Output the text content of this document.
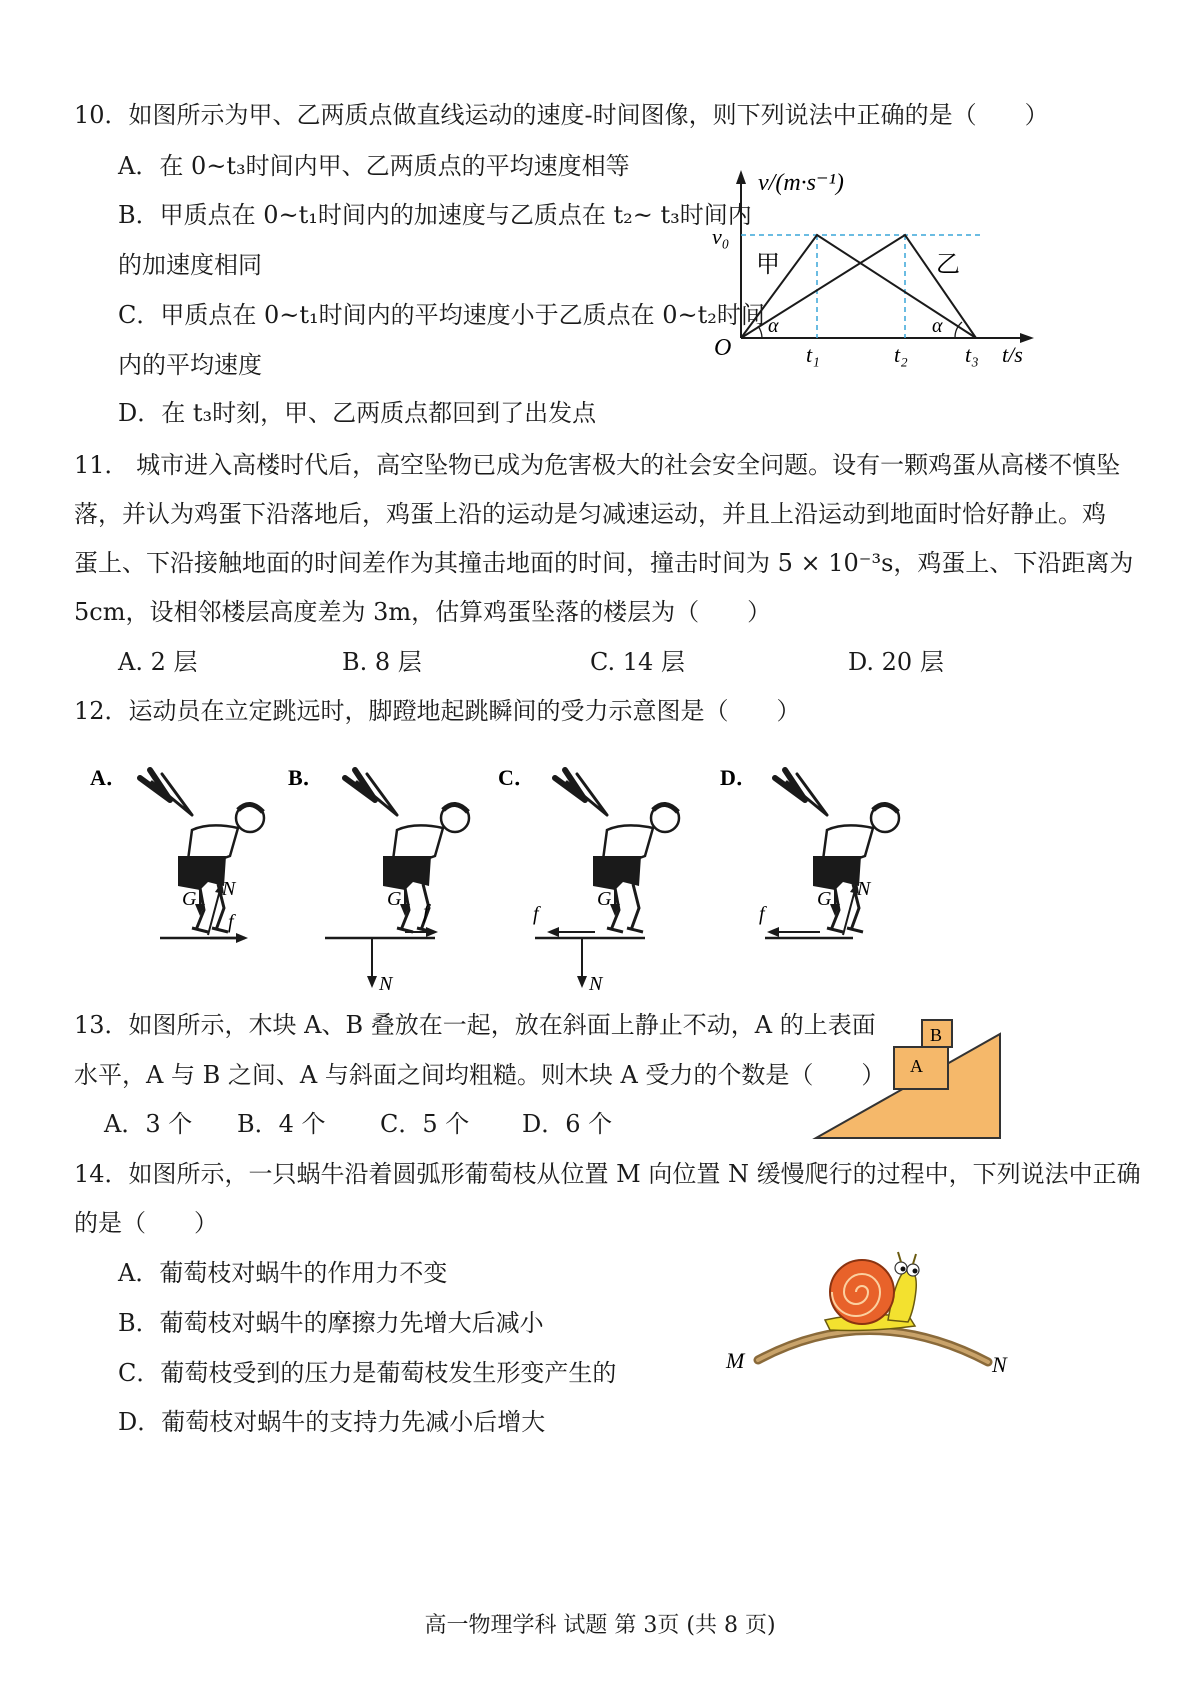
10．如图所示为甲、乙两质点做直线运动的速度-时间图像，则下列说法中正确的是（　　）
A．在 0~t₃时间内甲、乙两质点的平均速度相等
B．甲质点在 0~t₁时间内的加速度与乙质点在 t₂~ t₃时间内
的加速度相同
C．甲质点在 0~t₁时间内的平均速度小于乙质点在 0~t₂时间
内的平均速度
D．在 t₃时刻，甲、乙两质点都回到了出发点
v/(m·s⁻¹)
v₀
甲	乙
α	α
O	t₁	t₂	t₃ t/s
11． 城市进入高楼时代后，高空坠物已成为危害极大的社会安全问题。设有一颗鸡蛋从高楼不慎坠
落，并认为鸡蛋下沿落地后，鸡蛋上沿的运动是匀减速运动，并且上沿运动到地面时恰好静止。鸡
蛋上、下沿接触地面的时间差作为其撞击地面的时间，撞击时间为 5 × 10⁻³s，鸡蛋上、下沿距离为
5cm，设相邻楼层高度差为 3m，估算鸡蛋坠落的楼层为（　　）
A. 2 层	B. 8 层	C. 14 层	D. 20 层
12．运动员在立定跳远时，脚蹬地起跳瞬间的受力示意图是（　　）
A．
G N
f
B．
G
N
f
C．
G
N
f
D．
G N
f
13．如图所示，木块 A、B 叠放在一起，放在斜面上静止不动，A 的上表面
水平，A 与 B 之间、A 与斜面之间均粗糙。则木块 A 受力的个数是（　　）
A．3 个 B．4 个 C．5 个 D．6 个
A
B
14．如图所示，一只蜗牛沿着圆弧形葡萄枝从位置 M 向位置 N 缓慢爬行的过程中，下列说法中正确
的是（　　）
A．葡萄枝对蜗牛的作用力不变
B．葡萄枝对蜗牛的摩擦力先增大后减小
C．葡萄枝受到的压力是葡萄枝发生形变产生的
D．葡萄枝对蜗牛的支持力先减小后增大
M	N
高一物理学科 试题 第 3页 (共 8 页)
